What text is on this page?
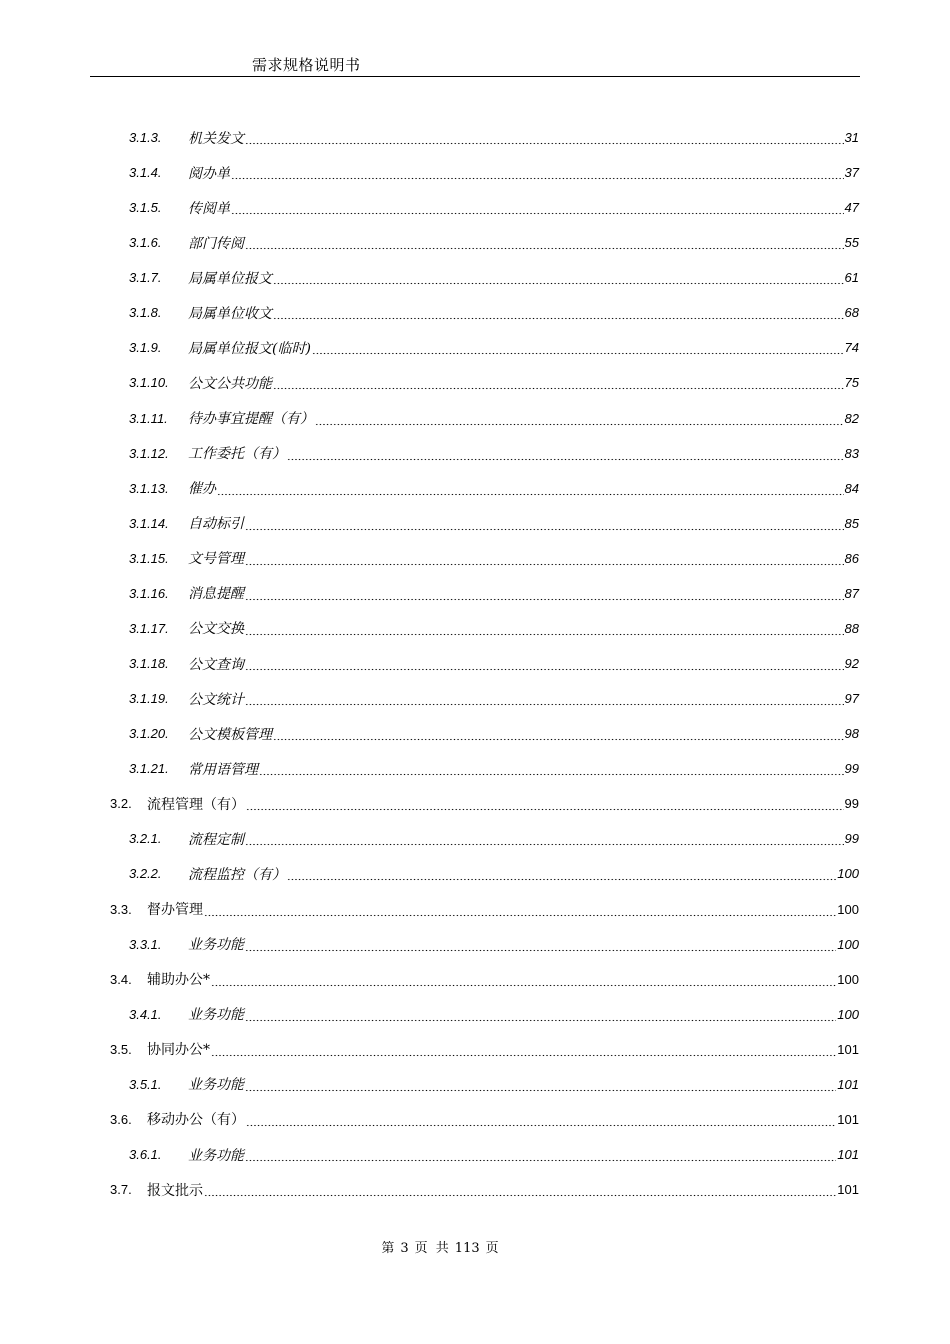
需求规格说明书
3.1.3.	机关发文	31
3.1.4.	阅办单	37
3.1.5.	传阅单	47
3.1.6.	部门传阅	55
3.1.7.	局属单位报文	61
3.1.8.	局属单位收文	68
3.1.9.	局属单位报文(临时)	74
3.1.10.	公文公共功能	75
3.1.11.	待办事宜提醒（有）	82
3.1.12.	工作委托（有）	83
3.1.13.	催办	84
3.1.14.	自动标引	85
3.1.15.	文号管理	86
3.1.16.	消息提醒	87
3.1.17.	公文交换	88
3.1.18.	公文查询	92
3.1.19.	公文统计	97
3.1.20.	公文模板管理	98
3.1.21.	常用语管理	99
3.2.	流程管理（有）	99
3.2.1.	流程定制	99
3.2.2.	流程监控（有）	100
3.3.	督办管理	100
3.3.1.	业务功能	100
3.4.	辅助办公*	100
3.4.1.	业务功能	100
3.5.	协同办公*	101
3.5.1.	业务功能	101
3.6.	移动办公（有）	101
3.6.1.	业务功能	101
3.7.	报文批示	101
第 3 页 共 113 页
